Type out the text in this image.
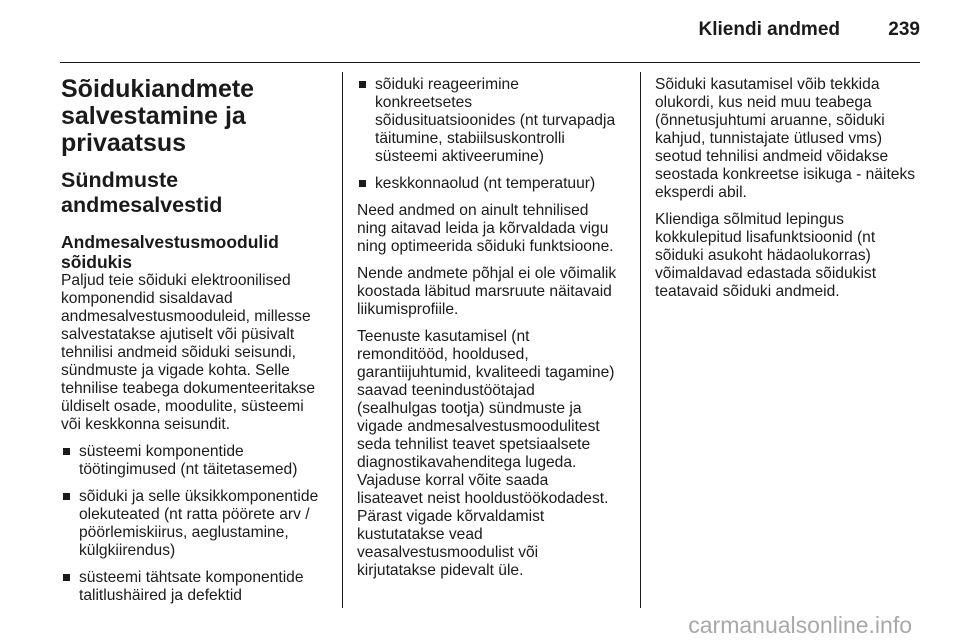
Kliendi andmed	239
Sõidukiandmete
salvestamine ja
privaatsus
Sündmuste
andmesalvestid
Andmesalvestusmoodulid
sõidukis

Paljud teie sõiduki elektroonilised
komponendid sisaldavad
andmesalvestusmooduleid, millesse
salvestatakse ajutiselt või püsivalt
tehnilisi andmeid sõiduki seisundi,
sündmuste ja vigade kohta. Selle
tehnilise teabega dokumenteeritakse
üldiselt osade, moodulite, süsteemi
või keskkonna seisundit.

süsteemi komponentide
töötingimused (nt täitetasemed)
sõiduki ja selle üksikkomponentide
olekuteated (nt ratta pöörete arv /
pöörlemiskiirus, aeglustamine,
külgkiirendus)
süsteemi tähtsate komponentide
talitlushäired ja defektid
sõiduki reageerimine
konkreetsetes
sõidusituatsioonides (nt turvapadja
täitumine, stabiilsuskontrolli
süsteemi aktiveerumine)
keskkonnaolud (nt temperatuur)

Need andmed on ainult tehnilised
ning aitavad leida ja kõrvaldada vigu
ning optimeerida sõiduki funktsioone.

Nende andmete põhjal ei ole võimalik
koostada läbitud marsruute näitavaid
liikumisprofiile.

Teenuste kasutamisel (nt
remonditööd, hooldused,
garantiijuhtumid, kvaliteedi tagamine)
saavad teenindustöötajad
(sealhulgas tootja) sündmuste ja
vigade andmesalvestusmoodulitest
seda tehnilist teavet spetsiaalsete
diagnostikavahenditega lugeda.
Vajaduse korral võite saada
lisateavet neist hooldustöökodadest.
Pärast vigade kõrvaldamist
kustutatakse vead
veasalvestusmoodulist või
kirjutatakse pidevalt üle.

Sõiduki kasutamisel võib tekkida
olukordi, kus neid muu teabega
(õnnetusjuhtumi aruanne, sõiduki
kahjud, tunnistajate ütlused vms)
seotud tehnilisi andmeid võidakse
seostada konkreetse isikuga - näiteks
eksperdi abil.

Kliendiga sõlmitud lepingus
kokkulepitud lisafunktsioonid (nt
sõiduki asukoht hädaolukorras)
võimaldavad edastada sõidukist
teatavaid sõiduki andmeid.

carmanualsonline.info
